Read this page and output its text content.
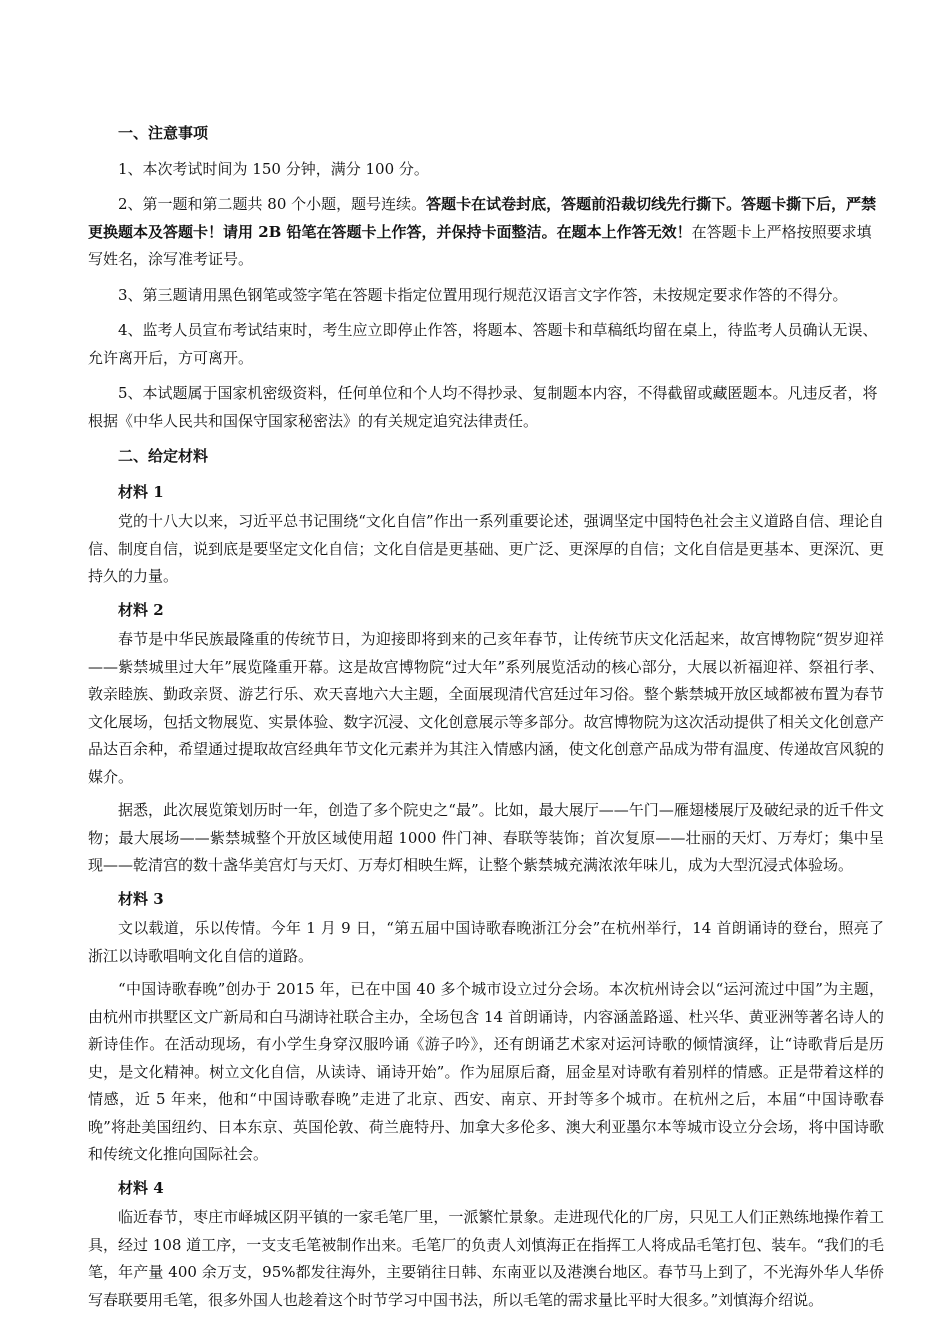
一、注意事项

1、本次考试时间为 150 分钟，满分 100 分。

2、第一题和第二题共 80 个小题，题号连续。答题卡在试卷封底，答题前沿裁切线先行撕下。答题卡撕下后，严禁更换题本及答题卡！请用 2B 铅笔在答题卡上作答，并保持卡面整洁。在题本上作答无效！在答题卡上严格按照要求填写姓名，涂写准考证号。

3、第三题请用黑色钢笔或签字笔在答题卡指定位置用现行规范汉语言文字作答，未按规定要求作答的不得分。

4、监考人员宣布考试结束时，考生应立即停止作答，将题本、答题卡和草稿纸均留在桌上，待监考人员确认无误、允许离开后，方可离开。

5、本试题属于国家机密级资料，任何单位和个人均不得抄录、复制题本内容，不得截留或藏匿题本。凡违反者，将根据《中华人民共和国保守国家秘密法》的有关规定追究法律责任。

二、给定材料
材料 1

党的十八大以来，习近平总书记围绕“文化自信”作出一系列重要论述，强调坚定中国特色社会主义道路自信、理论自信、制度自信，说到底是要坚定文化自信；文化自信是更基础、更广泛、更深厚的自信；文化自信是更基本、更深沉、更持久的力量。

材料 2

春节是中华民族最隆重的传统节日，为迎接即将到来的己亥年春节，让传统节庆文化活起来，故宫博物院“贺岁迎祥——紫禁城里过大年”展览隆重开幕。这是故宫博物院“过大年”系列展览活动的核心部分，大展以祈福迎祥、祭祖行孝、敦亲睦族、勤政亲贤、游艺行乐、欢天喜地六大主题，全面展现清代宫廷过年习俗。整个紫禁城开放区域都被布置为春节文化展场，包括文物展览、实景体验、数字沉浸、文化创意展示等多部分。故宫博物院为这次活动提供了相关文化创意产品达百余种，希望通过提取故宫经典年节文化元素并为其注入情感内涵，使文化创意产品成为带有温度、传递故宫风貌的媒介。

据悉，此次展览策划历时一年，创造了多个院史之“最”。比如，最大展厅——午门—雁翅楼展厅及破纪录的近千件文物；最大展场——紫禁城整个开放区域使用超 1000 件门神、春联等装饰；首次复原——壮丽的天灯、万寿灯；集中呈现——乾清宫的数十盏华美宫灯与天灯、万寿灯相映生辉，让整个紫禁城充满浓浓年味儿，成为大型沉浸式体验场。

材料 3

文以载道，乐以传情。今年 1 月 9 日，“第五届中国诗歌春晚浙江分会”在杭州举行，14 首朗诵诗的登台，照亮了浙江以诗歌唱响文化自信的道路。

“中国诗歌春晚”创办于 2015 年，已在中国 40 多个城市设立过分会场。本次杭州诗会以“运河流过中国”为主题，由杭州市拱墅区文广新局和白马湖诗社联合主办，全场包含 14 首朗诵诗，内容涵盖路遥、杜兴华、黄亚洲等著名诗人的新诗佳作。在活动现场，有小学生身穿汉服吟诵《游子吟》，还有朗诵艺术家对运河诗歌的倾情演绎，让“诗歌背后是历史，是文化精神。树立文化自信，从读诗、诵诗开始”。作为屈原后裔，屈金星对诗歌有着别样的情感。正是带着这样的情感，近 5 年来，他和“中国诗歌春晚”走进了北京、西安、南京、开封等多个城市。在杭州之后，本届“中国诗歌春晚”将赴美国纽约、日本东京、英国伦敦、荷兰鹿特丹、加拿大多伦多、澳大利亚墨尔本等城市设立分会场，将中国诗歌和传统文化推向国际社会。

材料 4

临近春节，枣庄市峄城区阴平镇的一家毛笔厂里，一派繁忙景象。走进现代化的厂房，只见工人们正熟练地操作着工具，经过 108 道工序，一支支毛笔被制作出来。毛笔厂的负责人刘慎海正在指挥工人将成品毛笔打包、装车。“我们的毛笔，年产量 400 余万支，95%都发往海外，主要销往日韩、东南亚以及港澳台地区。春节马上到了，不光海外华人华侨写春联要用毛笔，很多外国人也趁着这个时节学习中国书法，所以毛笔的需求量比平时大很多。”刘慎海介绍说。
